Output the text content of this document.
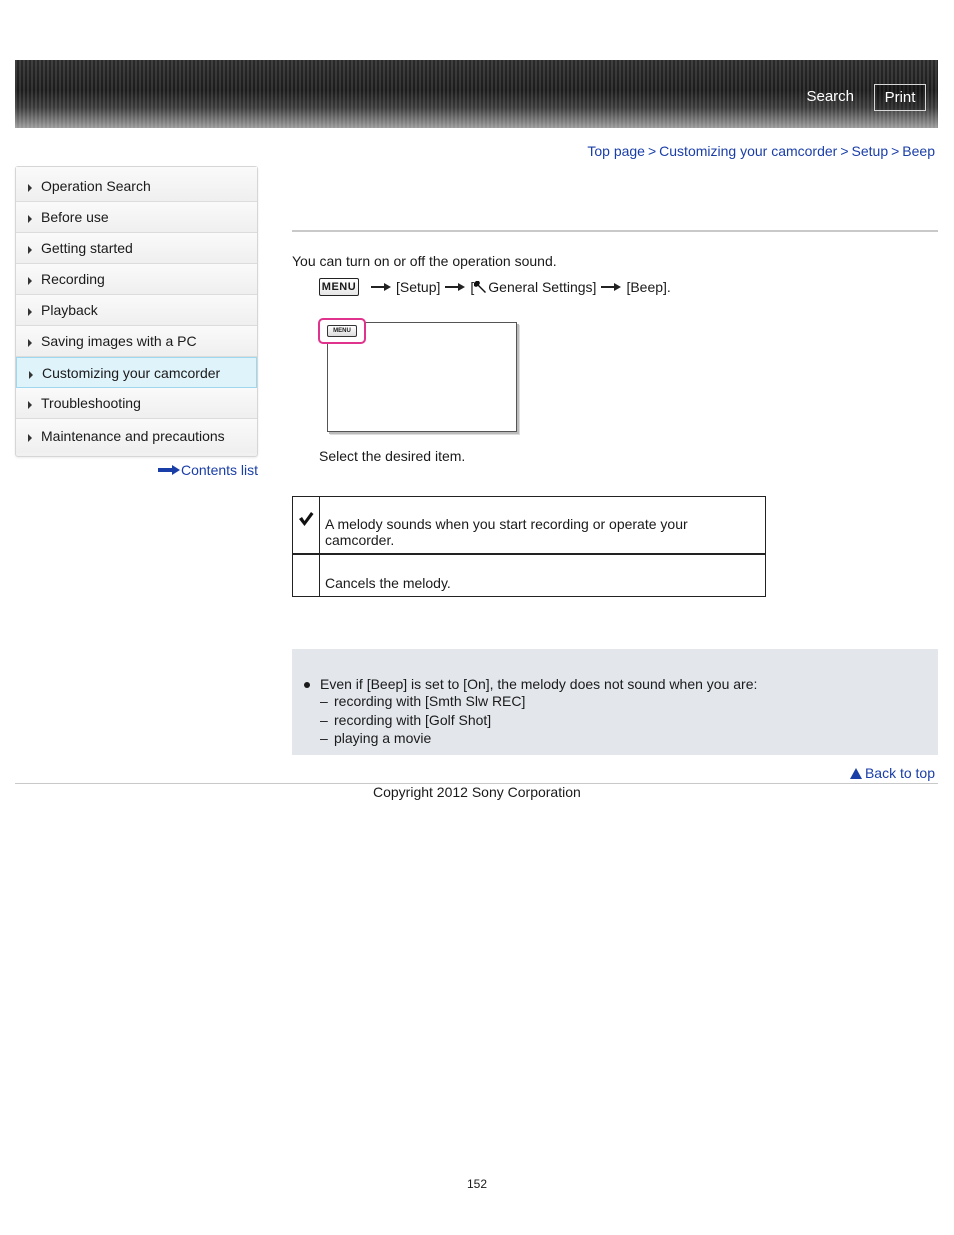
Search	Print
Top page > Customizing your camcorder > Setup > Beep
Operation Search
Before use
Getting started
Recording
Playback
Saving images with a PC
Customizing your camcorder
Troubleshooting
Maintenance and precautions
Contents list
You can turn on or off the operation sound.
MENU	[Setup] [ General Settings] [Beep].
MENU
Select the desired item.
	A melody sounds when you start recording or operate your camcorder.
	Cancels the melody.
Even if [Beep] is set to [On], the melody does not sound when you are:
– recording with [Smth Slw REC]
– recording with [Golf Shot]
– playing a movie
Back to top
Copyright 2012 Sony Corporation
152
